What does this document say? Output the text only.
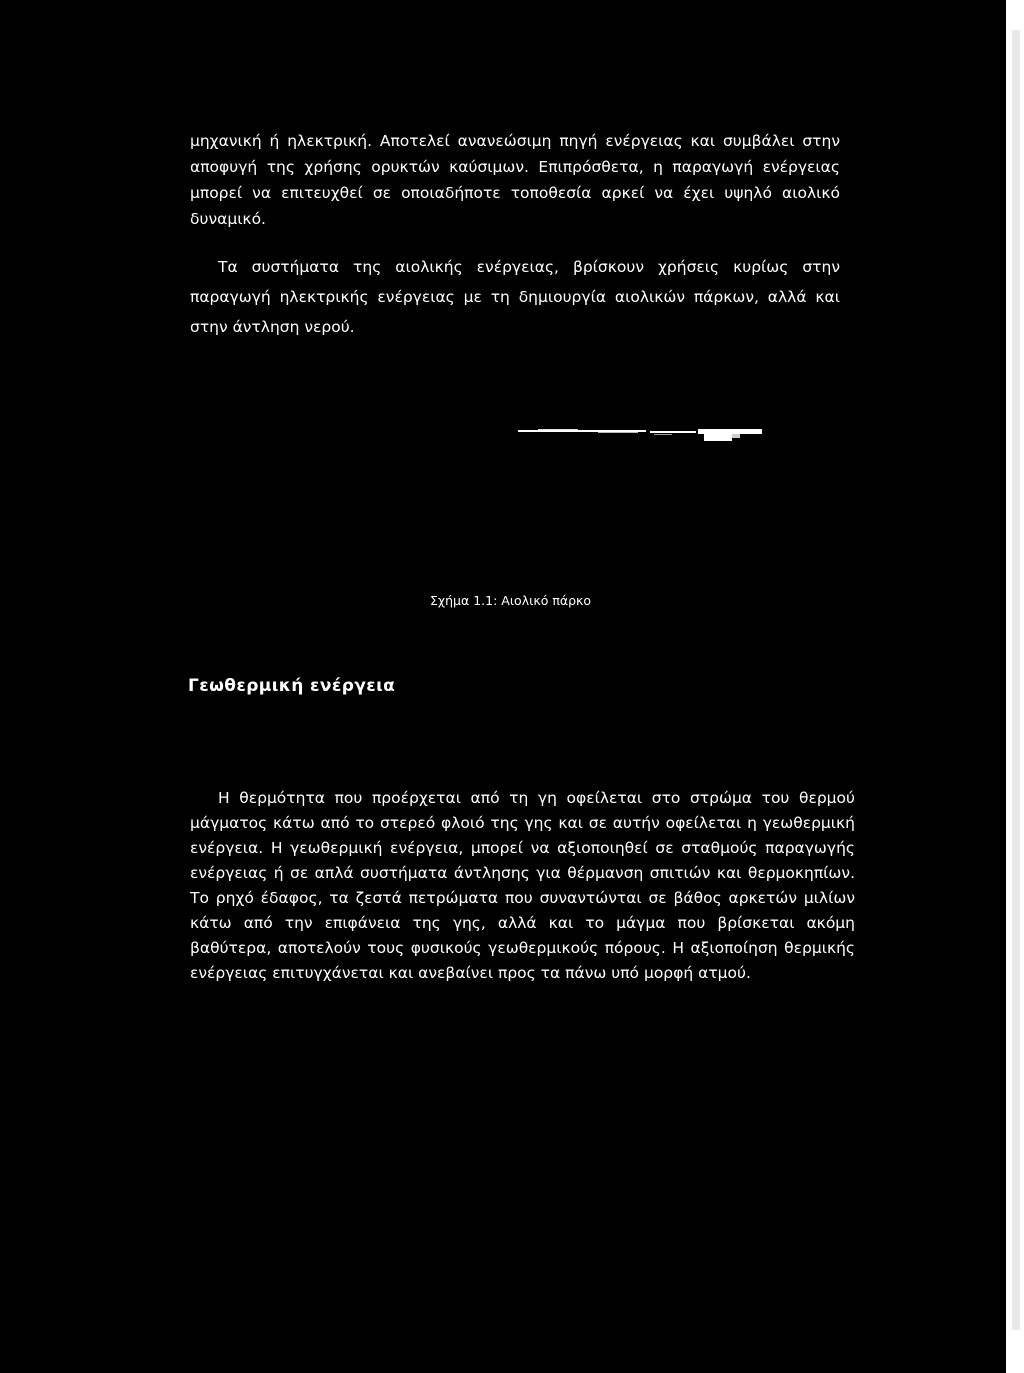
μηχανική ή ηλεκτρική. Αποτελεί ανανεώσιμη πηγή ενέργειας και συμβάλει στην
αποφυγή της χρήσης ορυκτών καύσιμων. Επιπρόσθετα, η παραγωγή ενέργειας
μπορεί να επιτευχθεί σε οποιαδήποτε τοποθεσία αρκεί να έχει υψηλό αιολικό
δυναμικό.

Τα συστήματα της αιολικής ενέργειας, βρίσκουν χρήσεις κυρίως στην παραγωγή ηλεκτρικής ενέργειας με τη δημιουργία αιολικών πάρκων, αλλά και στην άντληση νερού.

Σχήμα 1.1: Αιολικό πάρκο
Γεωθερμική ενέργεια

Η θερμότητα που προέρχεται από τη γη οφείλεται στο στρώμα του θερμού μάγματος κάτω από το στερεό φλοιό της γης και σε αυτήν οφείλεται η γεωθερμική ενέργεια. Η γεωθερμική ενέργεια, μπορεί να αξιοποιηθεί σε σταθμούς παραγωγής ενέργειας ή σε απλά συστήματα άντλησης για θέρμανση σπιτιών και θερμοκηπίων. Το ρηχό έδαφος, τα ζεστά πετρώματα που συναντώνται σε βάθος αρκετών μιλίων κάτω από την επιφάνεια της γης, αλλά και το μάγμα που βρίσκεται ακόμη βαθύτερα, αποτελούν τους φυσικούς γεωθερμικούς πόρους. Η αξιοποίηση θερμικής ενέργειας επιτυγχάνεται και ανεβαίνει προς τα πάνω υπό μορφή ατμού.
